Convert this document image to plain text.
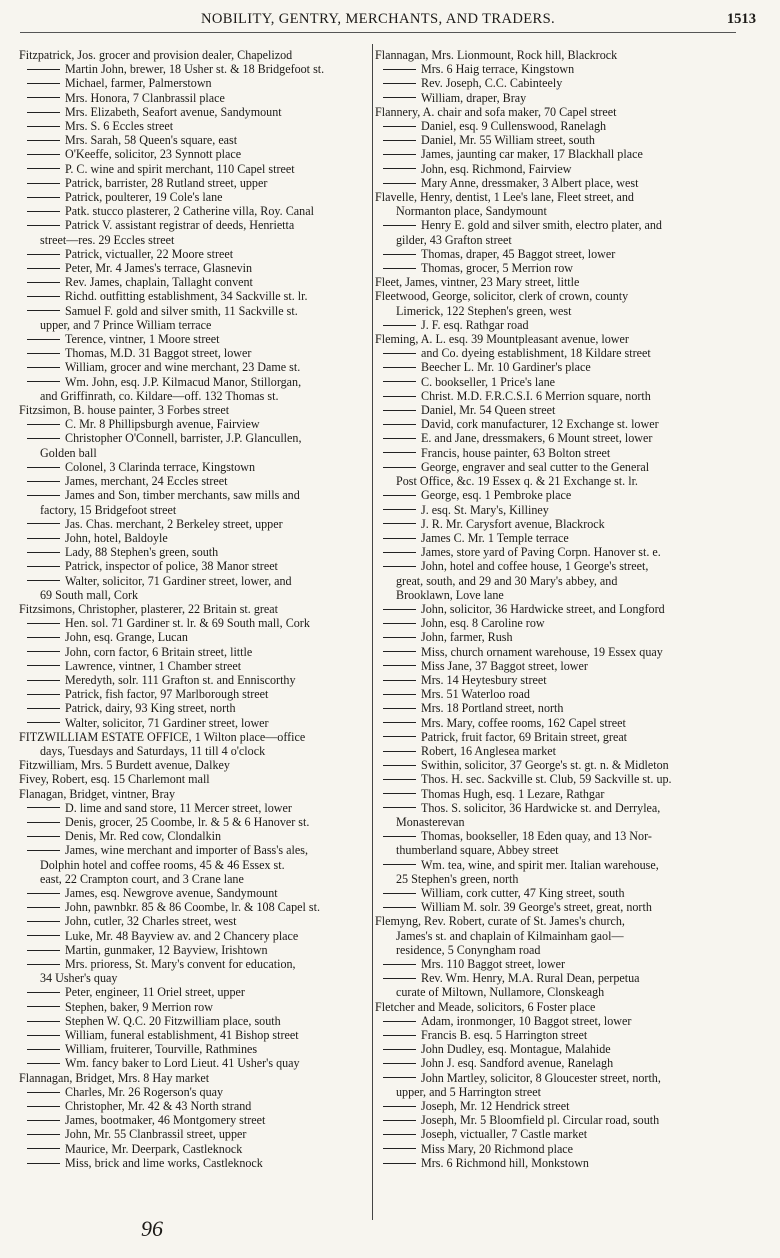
NOBILITY, GENTRY, MERCHANTS, AND TRADERS.	1513

Fitzpatrick, Jos. grocer and provision dealer, Chapelizod

Martin John, brewer, 18 Usher st. & 18 Bridgefoot st.

Michael, farmer, Palmerstown

Mrs. Honora, 7 Clanbrassil place

Mrs. Elizabeth, Seafort avenue, Sandymount

Mrs. S. 6 Eccles street

Mrs. Sarah, 58 Queen's square, east

O'Keeffe, solicitor, 23 Synnott place

P. C. wine and spirit merchant, 110 Capel street

Patrick, barrister, 28 Rutland street, upper

Patrick, poulterer, 19 Cole's lane

Patk. stucco plasterer, 2 Catherine villa, Roy. Canal

Patrick V. assistant registrar of deeds, Henrietta

street—res. 29 Eccles street

Patrick, victualler, 22 Moore street

Peter, Mr. 4 James's terrace, Glasnevin

Rev. James, chaplain, Tallaght convent

Richd. outfitting establishment, 34 Sackville st. lr.

Samuel F. gold and silver smith, 11 Sackville st.

upper, and 7 Prince William terrace

Terence, vintner, 1 Moore street

Thomas, M.D. 31 Baggot street, lower

William, grocer and wine merchant, 23 Dame st.

Wm. John, esq. J.P. Kilmacud Manor, Stillorgan,

and Griffinrath, co. Kildare—off. 132 Thomas st.

Fitzsimon, B. house painter, 3 Forbes street

C. Mr. 8 Phillipsburgh avenue, Fairview

Christopher O'Connell, barrister, J.P. Glancullen,

Golden ball

Colonel, 3 Clarinda terrace, Kingstown

James, merchant, 24 Eccles street

James and Son, timber merchants, saw mills and

factory, 15 Bridgefoot street

Jas. Chas. merchant, 2 Berkeley street, upper

John, hotel, Baldoyle

Lady, 88 Stephen's green, south

Patrick, inspector of police, 38 Manor street

Walter, solicitor, 71 Gardiner street, lower, and

69 South mall, Cork

Fitzsimons, Christopher, plasterer, 22 Britain st. great

Hen. sol. 71 Gardiner st. lr. & 69 South mall, Cork

John, esq. Grange, Lucan

John, corn factor, 6 Britain street, little

Lawrence, vintner, 1 Chamber street

Meredyth, solr. 111 Grafton st. and Enniscorthy

Patrick, fish factor, 97 Marlborough street

Patrick, dairy, 93 King street, north

Walter, solicitor, 71 Gardiner street, lower

FITZWILLIAM ESTATE OFFICE, 1 Wilton place—office

days, Tuesdays and Saturdays, 11 till 4 o'clock

Fitzwilliam, Mrs. 5 Burdett avenue, Dalkey

Fivey, Robert, esq. 15 Charlemont mall

Flanagan, Bridget, vintner, Bray

D. lime and sand store, 11 Mercer street, lower

Denis, grocer, 25 Coombe, lr. & 5 & 6 Hanover st.

Denis, Mr. Red cow, Clondalkin

James, wine merchant and importer of Bass's ales,

Dolphin hotel and coffee rooms, 45 & 46 Essex st.

east, 22 Crampton court, and 3 Crane lane

James, esq. Newgrove avenue, Sandymount

John, pawnbkr. 85 & 86 Coombe, lr. & 108 Capel st.

John, cutler, 32 Charles street, west

Luke, Mr. 48 Bayview av. and 2 Chancery place

Martin, gunmaker, 12 Bayview, Irishtown

Mrs. prioress, St. Mary's convent for education,

34 Usher's quay

Peter, engineer, 11 Oriel street, upper

Stephen, baker, 9 Merrion row

Stephen W. Q.C. 20 Fitzwilliam place, south

William, funeral establishment, 41 Bishop street

William, fruiterer, Tourville, Rathmines

Wm. fancy baker to Lord Lieut. 41 Usher's quay

Flannagan, Bridget, Mrs. 8 Hay market

Charles, Mr. 26 Rogerson's quay

Christopher, Mr. 42 & 43 North strand

James, bootmaker, 46 Montgomery street

John, Mr. 55 Clanbrassil street, upper

Maurice, Mr. Deerpark, Castleknock

Miss, brick and lime works, Castleknock

Flannagan, Mrs. Lionmount, Rock hill, Blackrock

Mrs. 6 Haig terrace, Kingstown

Rev. Joseph, C.C. Cabinteely

William, draper, Bray

Flannery, A. chair and sofa maker, 70 Capel street

Daniel, esq. 9 Cullenswood, Ranelagh

Daniel, Mr. 55 William street, south

James, jaunting car maker, 17 Blackhall place

John, esq. Richmond, Fairview

Mary Anne, dressmaker, 3 Albert place, west

Flavelle, Henry, dentist, 1 Lee's lane, Fleet street, and

Normanton place, Sandymount

Henry E. gold and silver smith, electro plater, and

gilder, 43 Grafton street

Thomas, draper, 45 Baggot street, lower

Thomas, grocer, 5 Merrion row

Fleet, James, vintner, 23 Mary street, little

Fleetwood, George, solicitor, clerk of crown, county

Limerick, 122 Stephen's green, west

J. F. esq. Rathgar road

Fleming, A. L. esq. 39 Mountpleasant avenue, lower

and Co. dyeing establishment, 18 Kildare street

Beecher L. Mr. 10 Gardiner's place

C. bookseller, 1 Price's lane

Christ. M.D. F.R.C.S.I. 6 Merrion square, north

Daniel, Mr. 54 Queen street

David, cork manufacturer, 12 Exchange st. lower

E. and Jane, dressmakers, 6 Mount street, lower

Francis, house painter, 63 Bolton street

George, engraver and seal cutter to the General

Post Office, &c. 19 Essex q. & 21 Exchange st. lr.

George, esq. 1 Pembroke place

J. esq. St. Mary's, Killiney

J. R. Mr. Carysfort avenue, Blackrock

James C. Mr. 1 Temple terrace

James, store yard of Paving Corpn. Hanover st. e.

John, hotel and coffee house, 1 George's street,

great, south, and 29 and 30 Mary's abbey, and

Brooklawn, Love lane

John, solicitor, 36 Hardwicke street, and Longford

John, esq. 8 Caroline row

John, farmer, Rush

Miss, church ornament warehouse, 19 Essex quay

Miss Jane, 37 Baggot street, lower

Mrs. 14 Heytesbury street

Mrs. 51 Waterloo road

Mrs. 18 Portland street, north

Mrs. Mary, coffee rooms, 162 Capel street

Patrick, fruit factor, 69 Britain street, great

Robert, 16 Anglesea market

Swithin, solicitor, 37 George's st. gt. n. & Midleton

Thos. H. sec. Sackville st. Club, 59 Sackville st. up.

Thomas Hugh, esq. 1 Lezare, Rathgar

Thos. S. solicitor, 36 Hardwicke st. and Derrylea,

Monasterevan

Thomas, bookseller, 18 Eden quay, and 13 Nor-

thumberland square, Abbey street

Wm. tea, wine, and spirit mer. Italian warehouse,

25 Stephen's green, north

William, cork cutter, 47 King street, south

William M. solr. 39 George's street, great, north

Flemyng, Rev. Robert, curate of St. James's church,

James's st. and chaplain of Kilmainham gaol—

residence, 5 Conyngham road

Mrs. 110 Baggot street, lower

Rev. Wm. Henry, M.A. Rural Dean, perpetua

curate of Miltown, Nullamore, Clonskeagh

Fletcher and Meade, solicitors, 6 Foster place

Adam, ironmonger, 10 Baggot street, lower

Francis B. esq. 5 Harrington street

John Dudley, esq. Montague, Malahide

John J. esq. Sandford avenue, Ranelagh

John Martley, solicitor, 8 Gloucester street, north,

upper, and 5 Harrington street

Joseph, Mr. 12 Hendrick street

Joseph, Mr. 5 Bloomfield pl. Circular road, south

Joseph, victualler, 7 Castle market

Miss Mary, 20 Richmond place

Mrs. 6 Richmond hill, Monkstown

96
